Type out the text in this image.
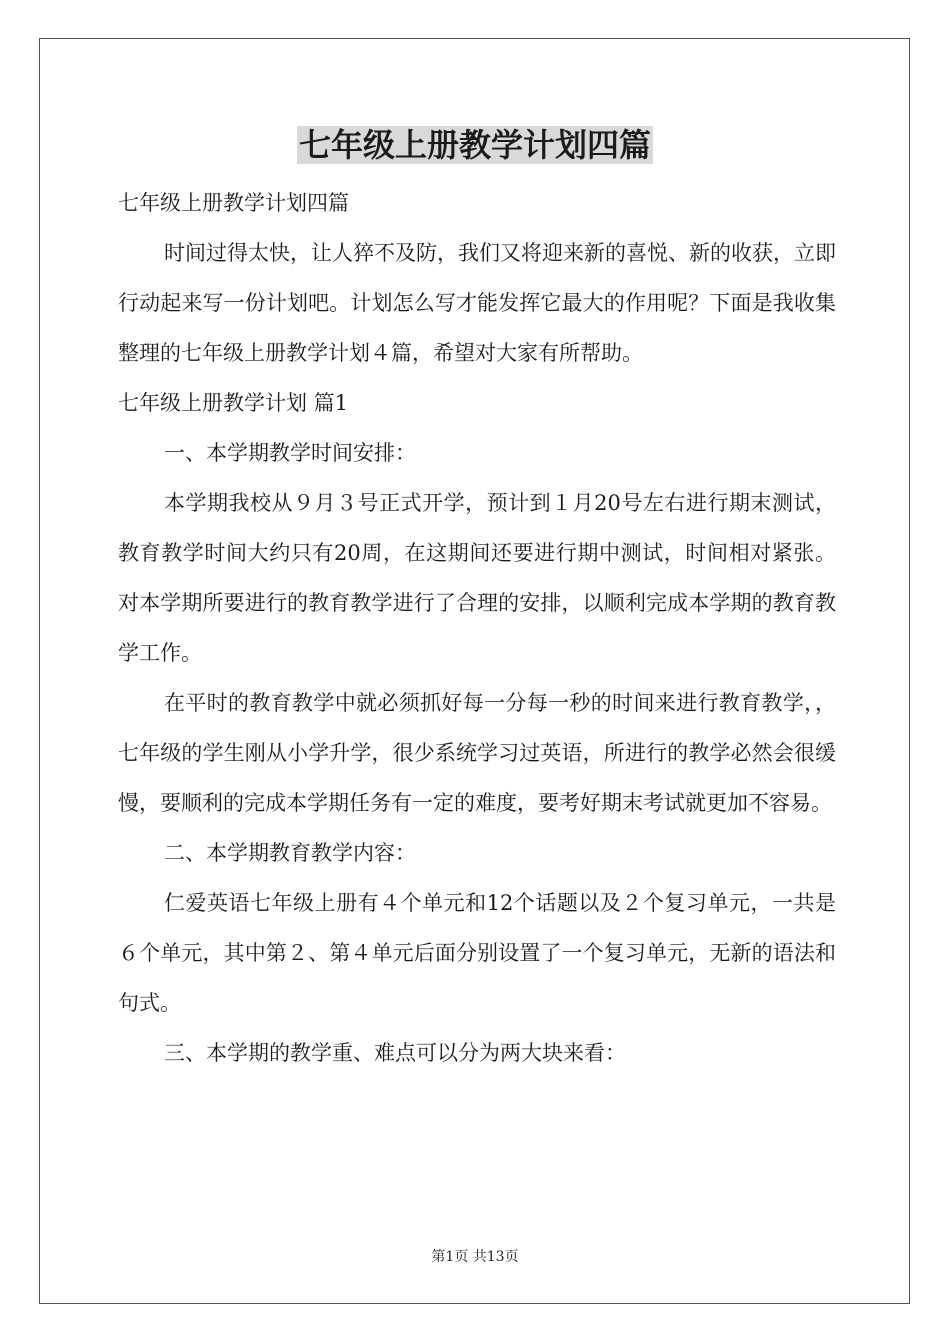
七年级上册教学计划四篇

七年级上册教学计划四篇

时间过得太快，让人猝不及防，我们又将迎来新的喜悦、新的收获，立即行动起来写一份计划吧。计划怎么写才能发挥它最大的作用呢？下面是我收集整理的七年级上册教学计划４篇，希望对大家有所帮助。

七年级上册教学计划 篇1

一、本学期教学时间安排：

本学期我校从９月３号正式开学，预计到１月20号左右进行期末测试，教育教学时间大约只有20周，在这期间还要进行期中测试，时间相对紧张。对本学期所要进行的教育教学进行了合理的安排，以顺利完成本学期的教育教学工作。

在平时的教育教学中就必须抓好每一分每一秒的时间来进行教育教学，，七年级的学生刚从小学升学，很少系统学习过英语，所进行的教学必然会很缓慢，要顺利的完成本学期任务有一定的难度，要考好期末考试就更加不容易。

二、本学期教育教学内容：

仁爱英语七年级上册有４个单元和12个话题以及２个复习单元，一共是６个单元，其中第２、第４单元后面分别设置了一个复习单元，无新的语法和句式。

三、本学期的教学重、难点可以分为两大块来看：

第1页 共13页
